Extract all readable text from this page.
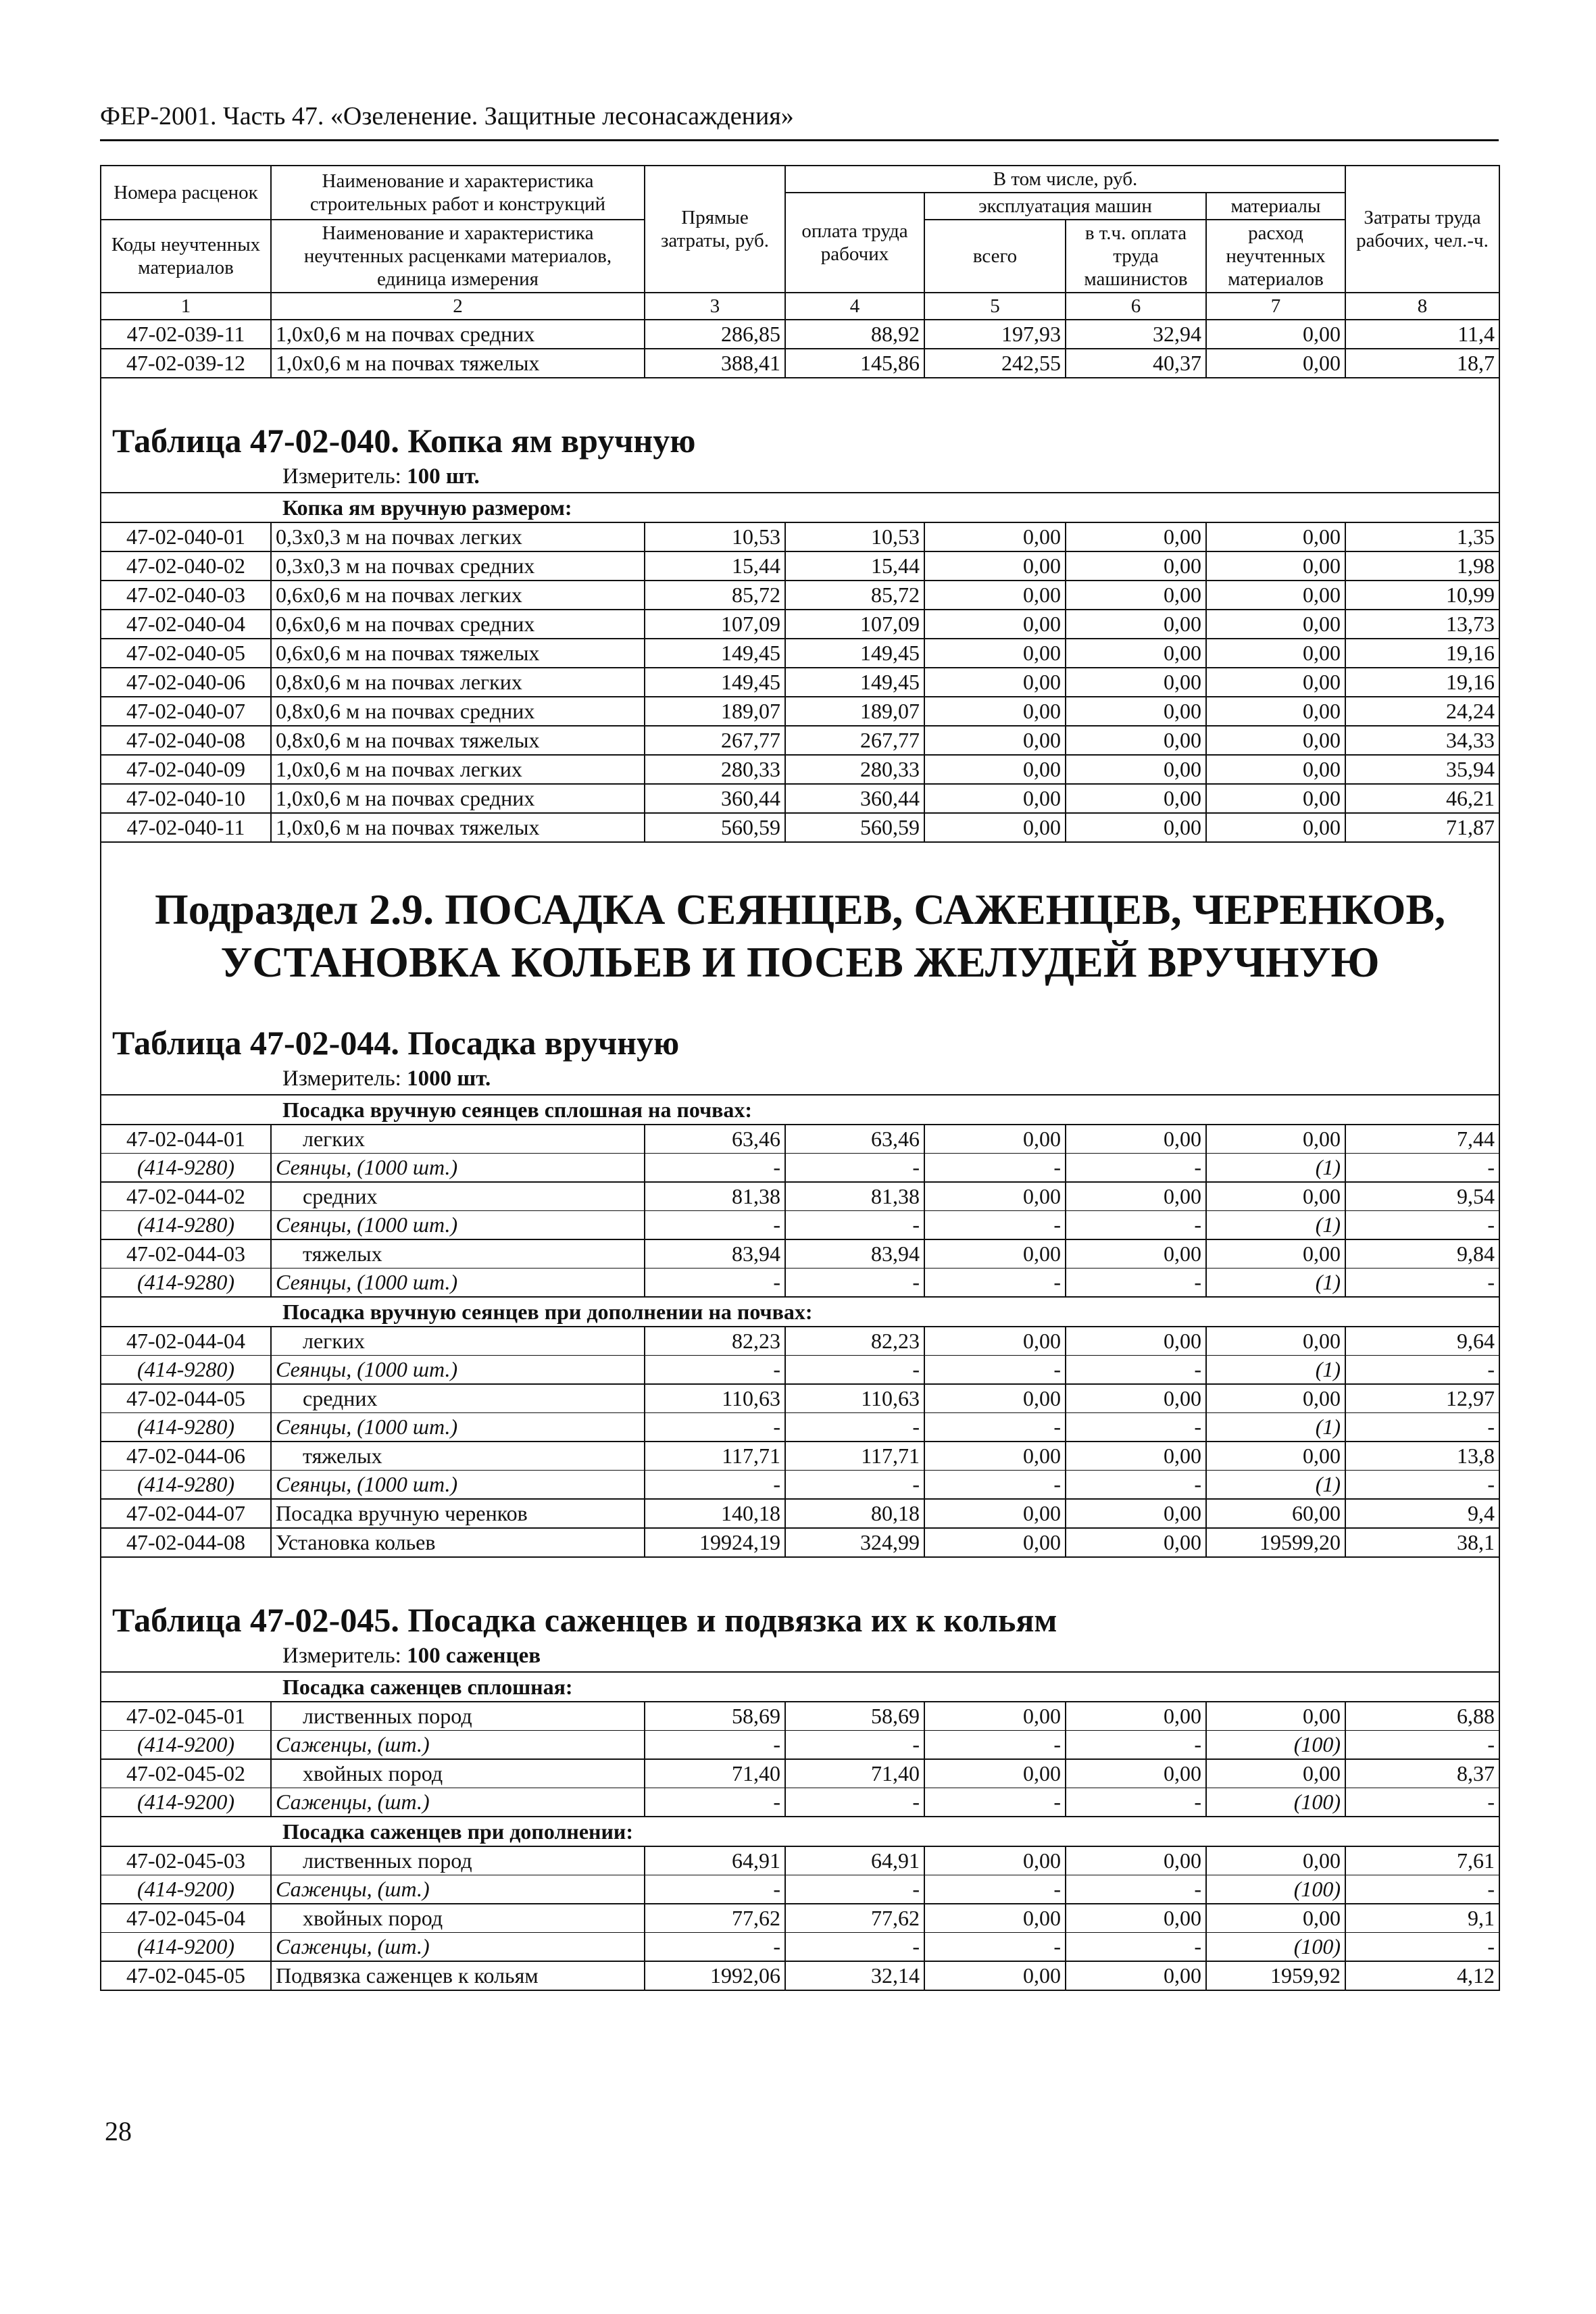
ФЕР-2001. Часть 47. «Озеленение. Защитные лесонасаждения»
Номера расценок	Наименование и характеристика строительных работ и конструкций	Прямые затраты, руб.	В том числе, руб.				Затраты труда рабочих, чел.-ч.
			оплата труда рабочих	эксплуатация машин		материалы	
Коды неучтенных материалов	Наименование и характеристика неучтенных расценками материалов, единица измерения			всего	в т.ч. оплата труда машинистов	расход неучтенных материалов	

1	2	3	4	5	6	7	8
47-02-039-11	1,0х0,6 м на почвах средних	286,85	88,92	197,93	32,94	0,00	11,4
47-02-039-12	1,0х0,6 м на почвах тяжелых	388,41	145,86	242,55	40,37	0,00	18,7

Таблица 47-02-040. Копка ям вручную							
Измеритель: 100 шт.							
Копка ям вручную размером:							
47-02-040-01	0,3х0,3 м на почвах легких	10,53	10,53	0,00	0,00	0,00	1,35
47-02-040-02	0,3х0,3 м на почвах средних	15,44	15,44	0,00	0,00	0,00	1,98
47-02-040-03	0,6х0,6 м на почвах легких	85,72	85,72	0,00	0,00	0,00	10,99
47-02-040-04	0,6х0,6 м на почвах средних	107,09	107,09	0,00	0,00	0,00	13,73
47-02-040-05	0,6х0,6 м на почвах тяжелых	149,45	149,45	0,00	0,00	0,00	19,16
47-02-040-06	0,8х0,6 м на почвах легких	149,45	149,45	0,00	0,00	0,00	19,16
47-02-040-07	0,8х0,6 м на почвах средних	189,07	189,07	0,00	0,00	0,00	24,24
47-02-040-08	0,8х0,6 м на почвах тяжелых	267,77	267,77	0,00	0,00	0,00	34,33
47-02-040-09	1,0х0,6 м на почвах легких	280,33	280,33	0,00	0,00	0,00	35,94
47-02-040-10	1,0х0,6 м на почвах средних	360,44	360,44	0,00	0,00	0,00	46,21
47-02-040-11	1,0х0,6 м на почвах тяжелых	560,59	560,59	0,00	0,00	0,00	71,87

Подраздел 2.9. ПОСАДКА СЕЯНЦЕВ, САЖЕНЦЕВ, ЧЕРЕНКОВ,
УСТАНОВКА КОЛЬЕВ И ПОСЕВ ЖЕЛУДЕЙ ВРУЧНУЮ							

Таблица 47-02-044. Посадка вручную							
Измеритель: 1000 шт.							
Посадка вручную сеянцев сплошная на почвах:							
47-02-044-01	легких	63,46	63,46	0,00	0,00	0,00	7,44
(414-9280)	Сеянцы, (1000 шт.)	-	-	-	-	(1)	-
47-02-044-02	средних	81,38	81,38	0,00	0,00	0,00	9,54
(414-9280)	Сеянцы, (1000 шт.)	-	-	-	-	(1)	-
47-02-044-03	тяжелых	83,94	83,94	0,00	0,00	0,00	9,84
(414-9280)	Сеянцы, (1000 шт.)	-	-	-	-	(1)	-
Посадка вручную сеянцев при дополнении на почвах:							
47-02-044-04	легких	82,23	82,23	0,00	0,00	0,00	9,64
(414-9280)	Сеянцы, (1000 шт.)	-	-	-	-	(1)	-
47-02-044-05	средних	110,63	110,63	0,00	0,00	0,00	12,97
(414-9280)	Сеянцы, (1000 шт.)	-	-	-	-	(1)	-
47-02-044-06	тяжелых	117,71	117,71	0,00	0,00	0,00	13,8
(414-9280)	Сеянцы, (1000 шт.)	-	-	-	-	(1)	-
47-02-044-07	Посадка вручную черенков	140,18	80,18	0,00	0,00	60,00	9,4
47-02-044-08	Установка кольев	19924,19	324,99	0,00	0,00	19599,20	38,1

Таблица 47-02-045. Посадка саженцев и подвязка их к кольям							
Измеритель: 100 саженцев							
Посадка саженцев сплошная:							
47-02-045-01	лиственных пород	58,69	58,69	0,00	0,00	0,00	6,88
(414-9200)	Саженцы, (шт.)	-	-	-	-	(100)	-
47-02-045-02	хвойных пород	71,40	71,40	0,00	0,00	0,00	8,37
(414-9200)	Саженцы, (шт.)	-	-	-	-	(100)	-
Посадка саженцев при дополнении:							
47-02-045-03	лиственных пород	64,91	64,91	0,00	0,00	0,00	7,61
(414-9200)	Саженцы, (шт.)	-	-	-	-	(100)	-
47-02-045-04	хвойных пород	77,62	77,62	0,00	0,00	0,00	9,1
(414-9200)	Саженцы, (шт.)	-	-	-	-	(100)	-
47-02-045-05	Подвязка саженцев к кольям	1992,06	32,14	0,00	0,00	1959,92	4,12
28
